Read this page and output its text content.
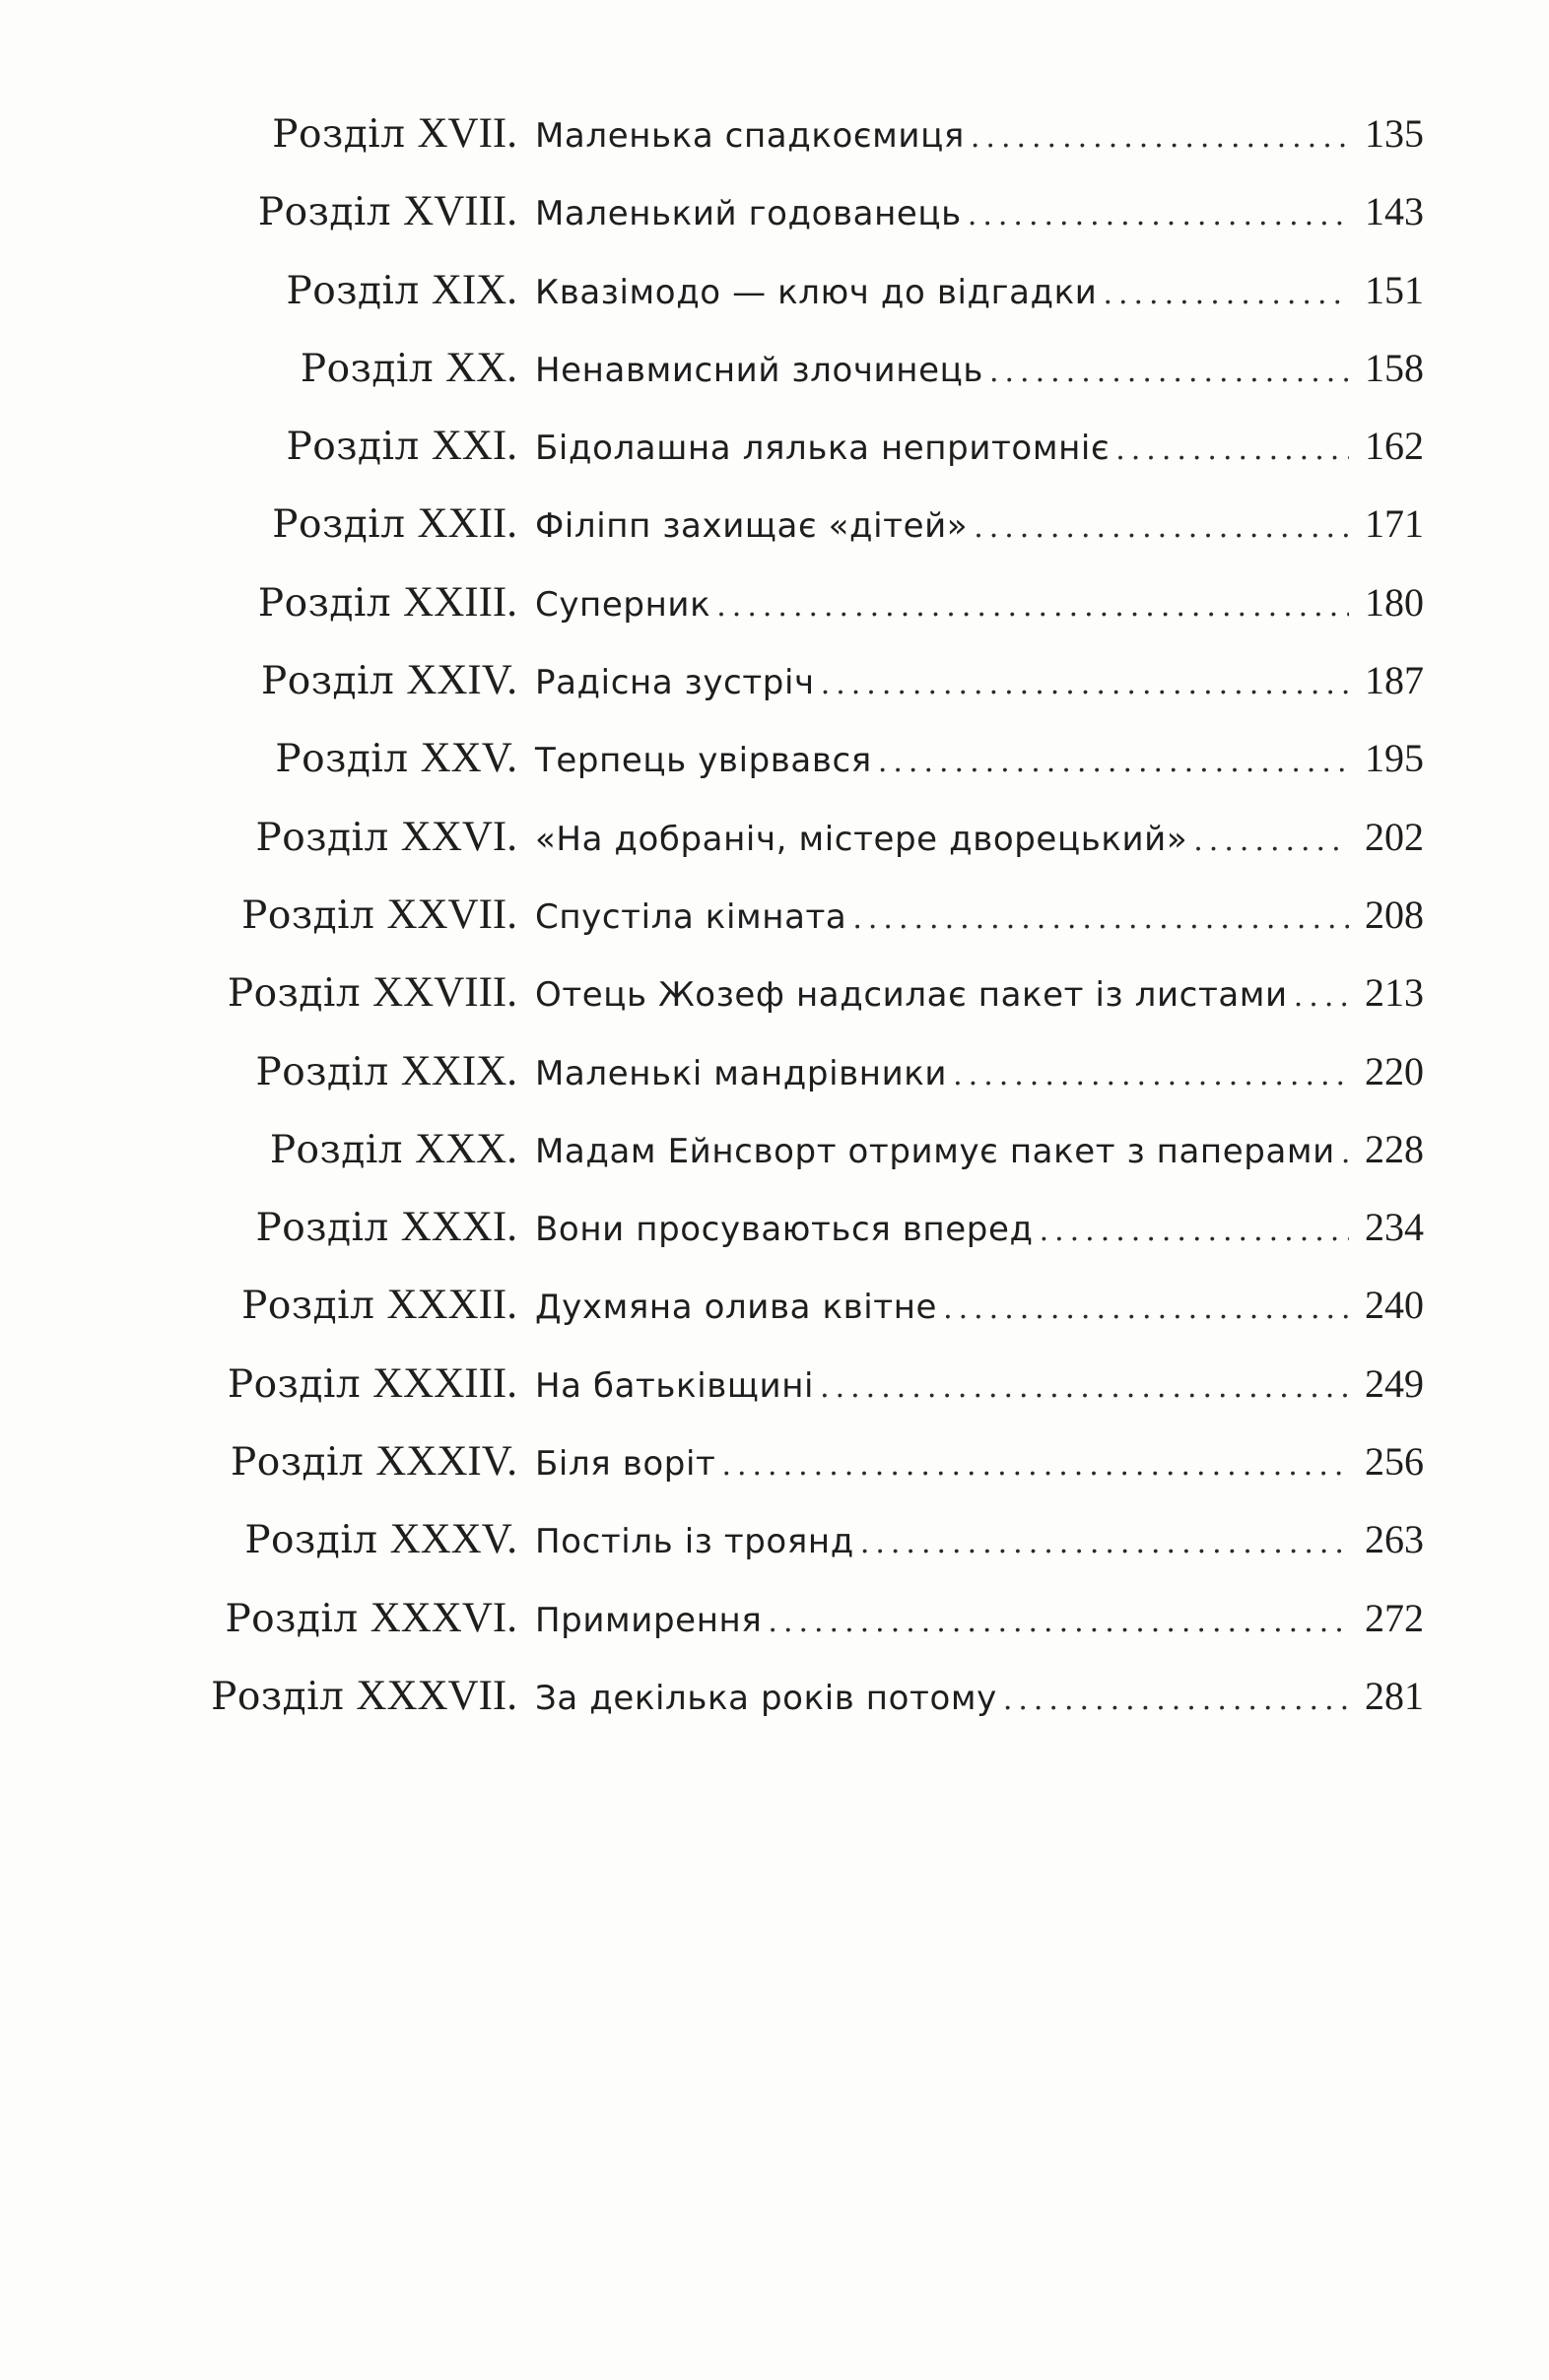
Розділ XVII. Маленька спадкоємиця .....	135
Розділ XVIII. Маленький годованець .....	143
Розділ XIX. Квазімодо — ключ до відгадки .....	151
Розділ XX. Ненавмисний злочинець .....	158
Розділ XXI. Бідолашна лялька непритомніє .....	162
Розділ XXII. Філіпп захищає «дітей» .....	171
Розділ XXIII. Суперник .....	180
Розділ XXIV. Радісна зустріч .....	187
Розділ XXV. Терпець увірвався .....	195
Розділ XXVI. «На добраніч, містере дворецький» .....	202
Розділ XXVII. Спустіла кімната .....	208
Розділ XXVIII. Отець Жозеф надсилає пакет із листами ..... 213
Розділ XXIX. Маленькі мандрівники .....	220
Розділ XXX. Мадам Ейнсворт отримує пакет з паперами ..... 228
Розділ XXXI. Вони просуваються вперед .....	234
Розділ XXXII. Духмяна олива квітне .....	240
Розділ XXXIII. На батьківщині .....	249
Розділ XXXIV. Біля воріт .....	256
Розділ XXXV. Постіль із троянд .....	263
Розділ XXXVI. Примирення .....	272
Розділ XXXVII. За декілька років потому .....	281
